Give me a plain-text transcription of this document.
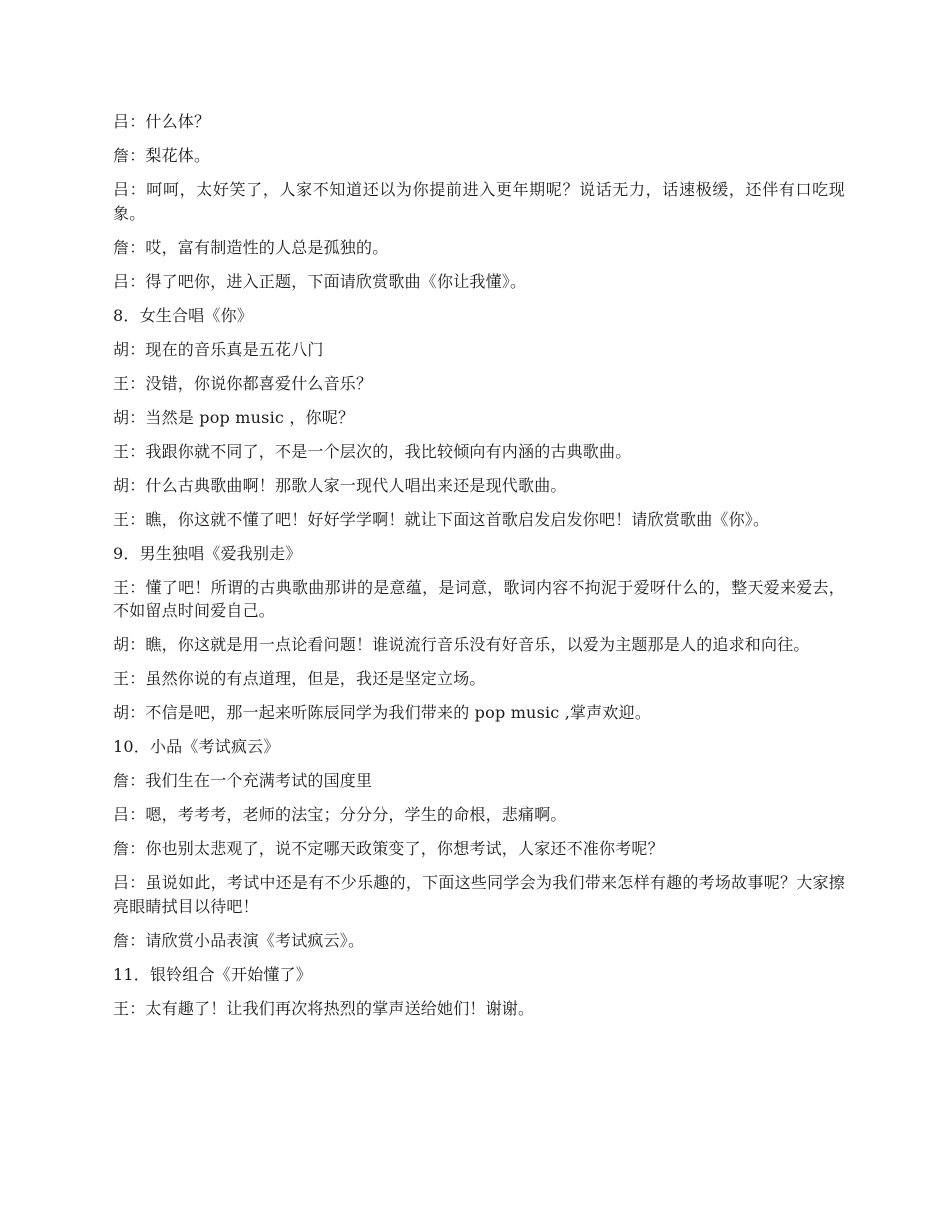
吕：什么体？

詹：梨花体。

吕：呵呵，太好笑了，人家不知道还以为你提前进入更年期呢？说话无力，话速极缓，还伴有口吃现象。

詹：哎，富有制造性的人总是孤独的。

吕：得了吧你，进入正题，下面请欣赏歌曲《你让我懂》。

8．女生合唱《你》

胡：现在的音乐真是五花八门

王：没错，你说你都喜爱什么音乐？

胡：当然是 pop music ，你呢？

王：我跟你就不同了，不是一个层次的，我比较倾向有内涵的古典歌曲。

胡：什么古典歌曲啊！那歌人家一现代人唱出来还是现代歌曲。

王：瞧，你这就不懂了吧！好好学学啊！就让下面这首歌启发启发你吧！请欣赏歌曲《你》。

9．男生独唱《爱我别走》

王：懂了吧！所谓的古典歌曲那讲的是意蕴，是词意，歌词内容不拘泥于爱呀什么的，整天爱来爱去，不如留点时间爱自己。

胡：瞧，你这就是用一点论看问题！谁说流行音乐没有好音乐，以爱为主题那是人的追求和向往。

王：虽然你说的有点道理，但是，我还是坚定立场。

胡：不信是吧，那一起来听陈辰同学为我们带来的 pop music ,掌声欢迎。

10．小品《考试疯云》

詹：我们生在一个充满考试的国度里

吕：嗯，考考考，老师的法宝；分分分，学生的命根，悲痛啊。

詹：你也别太悲观了，说不定哪天政策变了，你想考试，人家还不准你考呢？

吕：虽说如此，考试中还是有不少乐趣的，下面这些同学会为我们带来怎样有趣的考场故事呢？大家擦亮眼睛拭目以待吧！

詹：请欣赏小品表演《考试疯云》。

11．银铃组合《开始懂了》

王：太有趣了！让我们再次将热烈的掌声送给她们！谢谢。
